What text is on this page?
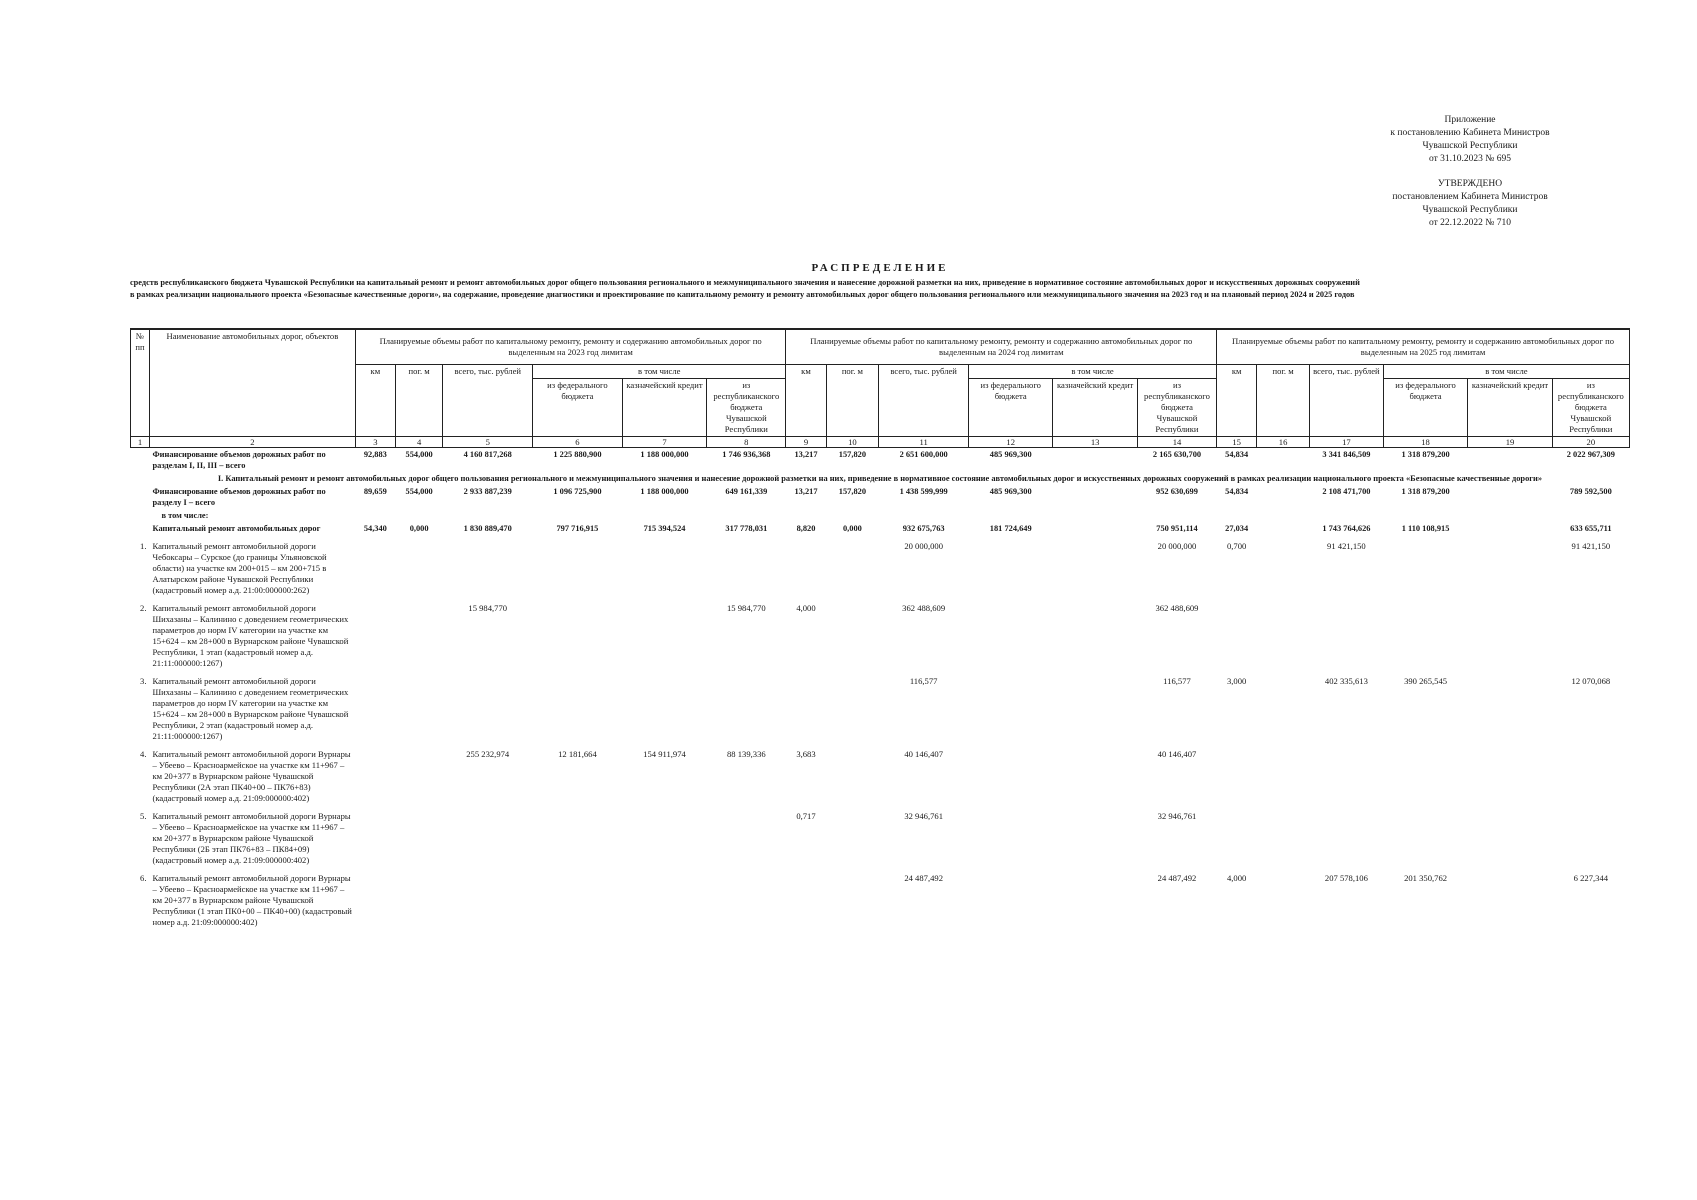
Приложение
к постановлению Кабинета Министров
Чувашской Республики
от 31.10.2023 № 695
УТВЕРЖДЕНО
постановлением Кабинета Министров
Чувашской Республики
от 22.12.2022 № 710
РАСПРЕДЕЛЕНИЕ
средств республиканского бюджета Чувашской Республики на капитальный ремонт и ремонт автомобильных дорог общего пользования регионального и межмуниципального значения и нанесение дорожной разметки на них, приведение в нормативное состояние автомобильных дорог и искусственных дорожных сооружений
в рамках реализации национального проекта «Безопасные качественные дороги», на содержание, проведение диагностики и проектирование по капитальному ремонту и ремонту автомобильных дорог общего пользования регионального или межмуниципального значения на 2023 год и на плановый период 2024 и 2025 годов
№ пп	Наименование автомобильных дорог, объектов	Планируемые объемы работ по капитальному ремонту, ремонту и содержанию автомобильных дорог по выделенным на 2023 год лимитам						Планируемые объемы работ по капитальному ремонту, ремонту и содержанию автомобильных дорог по выделенным на 2024 год лимитам						Планируемые объемы работ по капитальному ремонту, ремонту и содержанию автомобильных дорог по выделенным на 2025 год лимитам					
		км	пог. м	всего, тыс. рублей	в том числе			км	пог. м	всего, тыс. рублей	в том числе			км	пог. м	всего, тыс. рублей	в том числе		
					из федерального бюджета	казначейский кредит	из республиканского бюджета Чувашской Республики				из федерального бюджета	казначейский кредит	из республиканского бюджета Чувашской Республики				из федерального бюджета	казначейский кредит	из республиканского бюджета Чувашской Республики
1	2	3	4	5	6	7	8	9	10	11	12	13	14	15	16	17	18	19	20

	Финансирование объемов дорожных работ по разделам I, II, III – всего	92,883	554,000	4 160 817,268	1 225 880,900	1 188 000,000	1 746 936,368	13,217	157,820	2 651 600,000	485 969,300		2 165 630,700	54,834		3 341 846,509	1 318 879,200		2 022 967,309
I. Капитальный ремонт и ремонт автомобильных дорог общего пользования регионального и межмуниципального значения и нанесение дорожной разметки на них, приведение в нормативное состояние автомобильных дорог и искусственных дорожных сооружений в рамках реализации национального проекта «Безопасные качественные дороги»																			

	Финансирование объемов дорожных работ по разделу I – всего	89,659	554,000	2 933 887,239	1 096 725,900	1 188 000,000	649 161,339	13,217	157,820	1 438 599,999	485 969,300		952 630,699	54,834		2 108 471,700	1 318 879,200		789 592,500
	в том числе:																		

	Капитальный ремонт автомобильных дорог	54,340	0,000	1 830 889,470	797 716,915	715 394,524	317 778,031	8,820	0,000	932 675,763	181 724,649		750 951,114	27,034		1 743 764,626	1 110 108,915		633 655,711
1.	Капитальный ремонт автомобильной дороги Чебоксары – Сурское (до границы Ульяновской области) на участке км 200+015 – км 200+715 в Алатырском районе Чувашской Республики (кадастровый номер а.д. 21:00:000000:262)									20 000,000			20 000,000	0,700		91 421,150			91 421,150
2.	Капитальный ремонт автомобильной дороги Шихазаны – Калинино с доведением геометрических параметров до норм IV категории на участке км 15+624 – км 28+000 в Вурнарском районе Чувашской Республики, 1 этап (кадастровый номер а.д. 21:11:000000:1267)			15 984,770			15 984,770	4,000		362 488,609			362 488,609						
3.	Капитальный ремонт автомобильной дороги Шихазаны – Калинино с доведением геометрических параметров до норм IV категории на участке км 15+624 – км 28+000 в Вурнарском районе Чувашской Республики, 2 этап (кадастровый номер а.д. 21:11:000000:1267)									116,577			116,577	3,000		402 335,613	390 265,545		12 070,068
4.	Капитальный ремонт автомобильной дороги Вурнары – Убеево – Красноармейское на участке км 11+967 – км 20+377 в Вурнарском районе Чувашской Республики (2А этап ПК40+00 – ПК76+83) (кадастровый номер а.д. 21:09:000000:402)			255 232,974	12 181,664	154 911,974	88 139,336	3,683		40 146,407			40 146,407						
5.	Капитальный ремонт автомобильной дороги Вурнары – Убеево – Красноармейское на участке км 11+967 – км 20+377 в Вурнарском районе Чувашской Республики (2Б этап ПК76+83 – ПК84+09) (кадастровый номер а.д. 21:09:000000:402)							0,717		32 946,761			32 946,761						
6.	Капитальный ремонт автомобильной дороги Вурнары – Убеево – Красноармейское на участке км 11+967 – км 20+377 в Вурнарском районе Чувашской Республики (1 этап ПК0+00 – ПК40+00) (кадастровый номер а.д. 21:09:000000:402)									24 487,492			24 487,492	4,000		207 578,106	201 350,762		6 227,344
